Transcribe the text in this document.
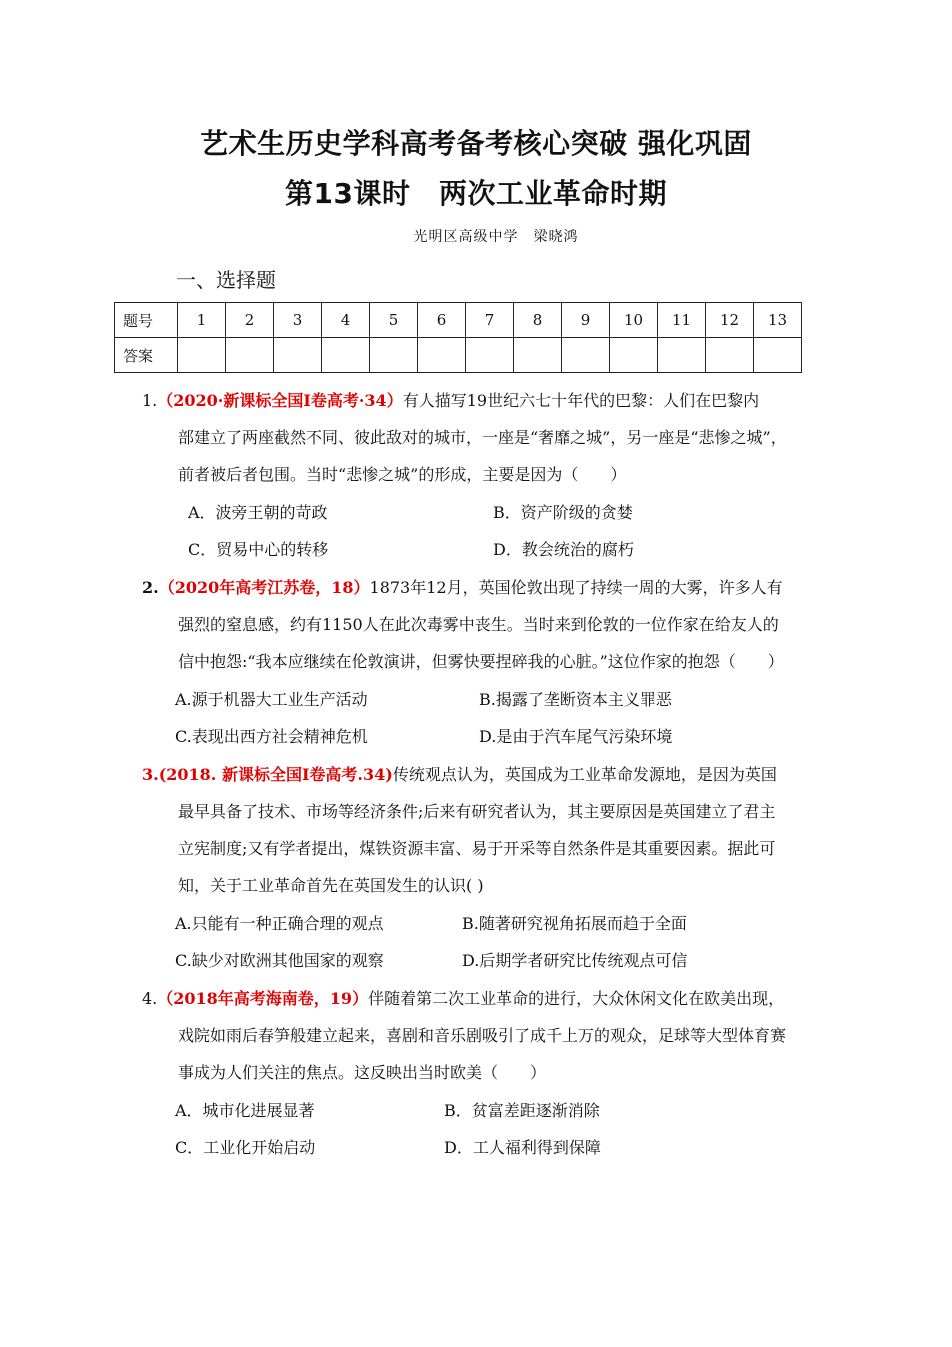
艺术生历史学科高考备考核心突破 强化巩固
第13课时　两次工业革命时期
光明区高级中学　梁晓鸿
一、选择题
题号	1	2	3	4	5	6	7	8	9	10	11	12	13
答案													
1.（2020·新课标全国Ⅰ卷高考·34）有人描写19世纪六七十年代的巴黎：人们在巴黎内
部建立了两座截然不同、彼此敌对的城市，一座是“奢靡之城”，另一座是“悲惨之城”，
前者被后者包围。当时“悲惨之城”的形成，主要是因为（　　）
A．波旁王朝的苛政	B．资产阶级的贪婪
C．贸易中心的转移	D．教会统治的腐朽
2.（2020年高考江苏卷，18）1873年12月，英国伦敦出现了持续一周的大雾，许多人有
强烈的窒息感，约有1150人在此次毒雾中丧生。当时来到伦敦的一位作家在给友人的
信中抱怨:“我本应继续在伦敦演讲，但雾快要捏碎我的心脏。”这位作家的抱怨（　　）
A.源于机器大工业生产活动	B.揭露了垄断资本主义罪恶
C.表现出西方社会精神危机	D.是由于汽车尾气污染环境
3.(2018. 新课标全国Ⅰ卷高考.34)传统观点认为，英国成为工业革命发源地，是因为英国
最早具备了技术、市场等经济条件;后来有研究者认为，其主要原因是英国建立了君主
立宪制度;又有学者提出，煤铁资源丰富、易于开采等自然条件是其重要因素。据此可
知，关于工业革命首先在英国发生的认识( )
A.只能有一种正确合理的观点	B.随著研究视角拓展而趋于全面
C.缺少对欧洲其他国家的观察	D.后期学者研究比传统观点可信
4.（2018年高考海南卷，19）伴随着第二次工业革命的进行，大众休闲文化在欧美出现，
戏院如雨后春笋般建立起来，喜剧和音乐剧吸引了成千上万的观众，足球等大型体育赛
事成为人们关注的焦点。这反映出当时欧美（　　）
A．城市化进展显著	B．贫富差距逐渐消除
C．工业化开始启动	D．工人福利得到保障
